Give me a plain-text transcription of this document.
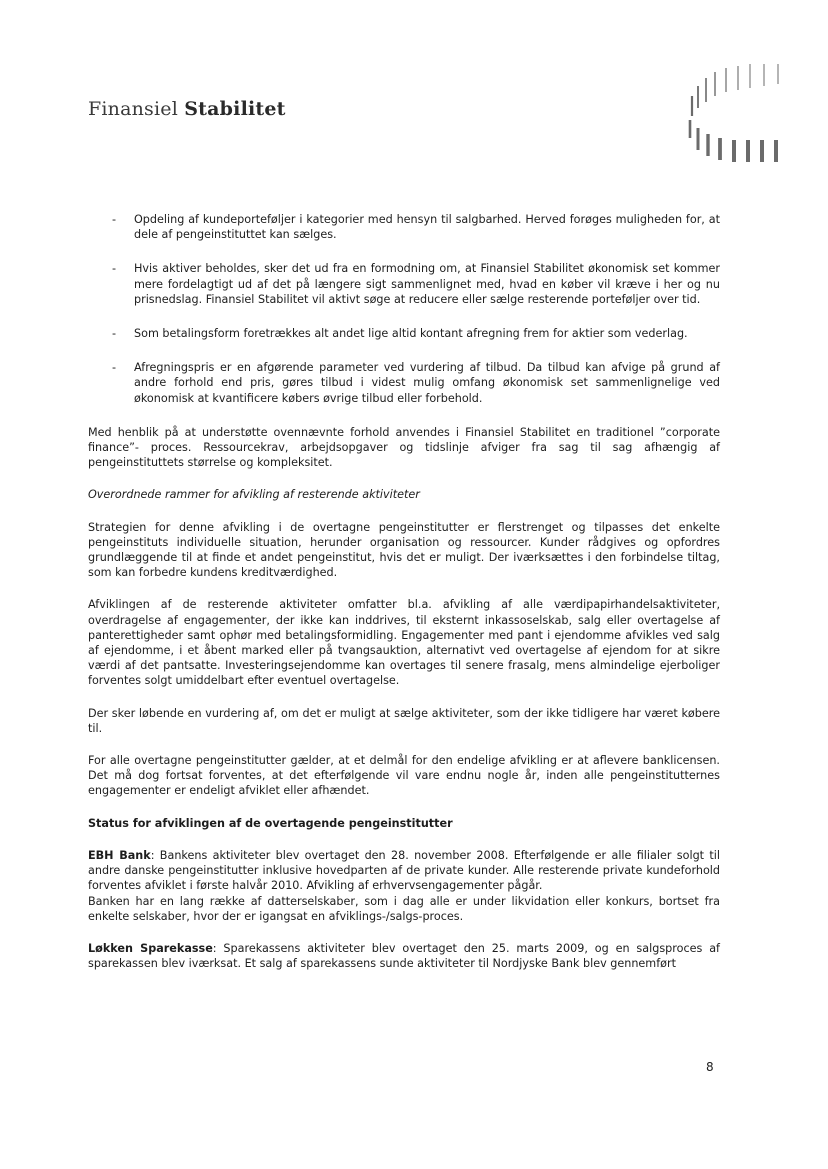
Finansiel Stabilitet
- Opdeling af kundeporteføljer i kategorier med hensyn til salgbarhed. Herved forøges muligheden for, at dele af pengeinstituttet kan sælges.

- Hvis aktiver beholdes, sker det ud fra en formodning om, at Finansiel Stabilitet økonomisk set kommer mere fordelagtigt ud af det på længere sigt sammenlignet med, hvad en køber vil kræve i her og nu prisnedslag. Finansiel Stabilitet vil aktivt søge at reducere eller sælge resterende porteføljer over tid.

- Som betalingsform foretrækkes alt andet lige altid kontant afregning frem for aktier som vederlag.

- Afregningspris er en afgørende parameter ved vurdering af tilbud. Da tilbud kan afvige på grund af andre forhold end pris, gøres tilbud i videst mulig omfang økonomisk set sammenlignelige ved økonomisk at kvantificere købers øvrige tilbud eller forbehold.

Med henblik på at understøtte ovennævnte forhold anvendes i Finansiel Stabilitet en traditionel ”corporate finance”- proces. Ressourcekrav, arbejdsopgaver og tidslinje afviger fra sag til sag afhængig af pengeinstituttets størrelse og kompleksitet.

Overordnede rammer for afvikling af resterende aktiviteter

Strategien for denne afvikling i de overtagne pengeinstitutter er flerstrenget og tilpasses det enkelte pengeinstituts individuelle situation, herunder organisation og ressourcer. Kunder rådgives og opfordres grundlæggende til at finde et andet pengeinstitut, hvis det er muligt. Der iværksættes i den forbindelse tiltag, som kan forbedre kundens kreditværdighed.

Afviklingen af de resterende aktiviteter omfatter bl.a. afvikling af alle værdipapirhandelsaktiviteter, overdragelse af engagementer, der ikke kan inddrives, til eksternt inkassoselskab, salg eller overtagelse af panterettigheder samt ophør med betalingsformidling. Engagementer med pant i ejendomme afvikles ved salg af ejendomme, i et åbent marked eller på tvangsauktion, alternativt ved overtagelse af ejendom for at sikre værdi af det pantsatte. Investeringsejendomme kan overtages til senere frasalg, mens almindelige ejerboliger forventes solgt umiddelbart efter eventuel overtagelse.

Der sker løbende en vurdering af, om det er muligt at sælge aktiviteter, som der ikke tidligere har været købere til.

For alle overtagne pengeinstitutter gælder, at et delmål for den endelige afvikling er at aflevere banklicensen. Det må dog fortsat forventes, at det efterfølgende vil vare endnu nogle år, inden alle pengeinstitutternes engagementer er endeligt afviklet eller afhændet.

Status for afviklingen af de overtagende pengeinstitutter

EBH Bank: Bankens aktiviteter blev overtaget den 28. november 2008. Efterfølgende er alle filialer solgt til andre danske pengeinstitutter inklusive hovedparten af de private kunder. Alle resterende private kundeforhold forventes afviklet i første halvår 2010. Afvikling af erhvervsengagementer pågår.

Banken har en lang række af datterselskaber, som i dag alle er under likvidation eller konkurs, bortset fra enkelte selskaber, hvor der er igangsat en afviklings-/salgs-proces.

Løkken Sparekasse: Sparekassens aktiviteter blev overtaget den 25. marts 2009, og en salgsproces af sparekassen blev iværksat. Et salg af sparekassens sunde aktiviteter til Nordjyske Bank blev gennemført

8
